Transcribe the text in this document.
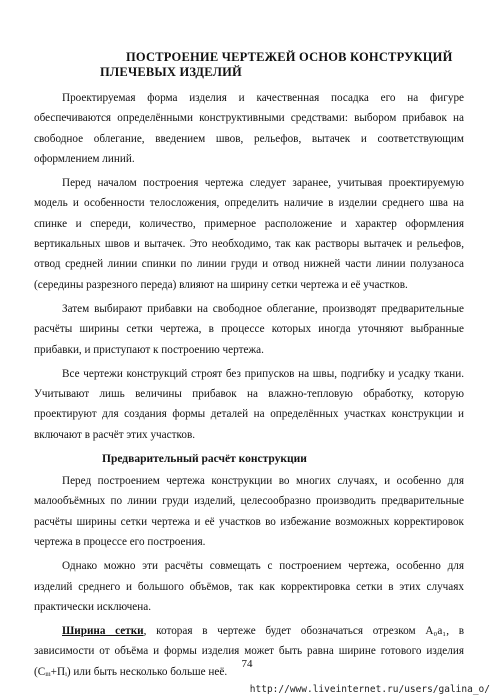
ПОСТРОЕНИЕ ЧЕРТЕЖЕЙ ОСНОВ КОНСТРУКЦИЙ
ПЛЕЧЕВЫХ ИЗДЕЛИЙ

Проектируемая форма изделия и качественная посадка его на фигуре обеспечиваются определёнными конструктивными средствами: выбором прибавок на свободное облегание, введением швов, рельефов, вытачек и соответствующим оформлением линий.

Перед началом построения чертежа следует заранее, учитывая проектируемую модель и особенности телосложения, определить наличие в изделии среднего шва на спинке и спереди, количество, примерное расположение и характер оформления вертикальных швов и вытачек. Это необходимо, так как растворы вытачек и рельефов, отвод средней линии спинки по линии груди и отвод нижней части линии полузаноса (середины разрезного переда) влияют на ширину сетки чертежа и её участков.

Затем выбирают прибавки на свободное облегание, производят предварительные расчёты ширины сетки чертежа, в процессе которых иногда уточняют выбранные прибавки, и приступают к построению чертежа.

Все чертежи конструкций строят без припусков на швы, подгибку и усадку ткани. Учитывают лишь величины прибавок на влажно-тепловую обработку, которую проектируют для создания формы деталей на определённых участках конструкции и включают в расчёт этих участков.

Предварительный расчёт конструкции

Перед построением чертежа конструкции во многих случаях, и особенно для малообъёмных по линии груди изделий, целесообразно производить предварительные расчёты ширины сетки чертежа и её участков во избежание возможных корректировок чертежа в процессе его построения.

Однако можно эти расчёты совмещать с построением чертежа, особенно для изделий среднего и большого объёмов, так как корректировка сетки в этих случаях практически исключена.

Ширина сетки, которая в чертеже будет обозначаться отрезком А₀а₁, в зависимости от объёма и формы изделия может быть равна ширине готового изделия (Сᵢᵢᵢ+Пᵢ) или быть несколько больше неё.

74
http://www.liveinternet.ru/users/galina_o/
